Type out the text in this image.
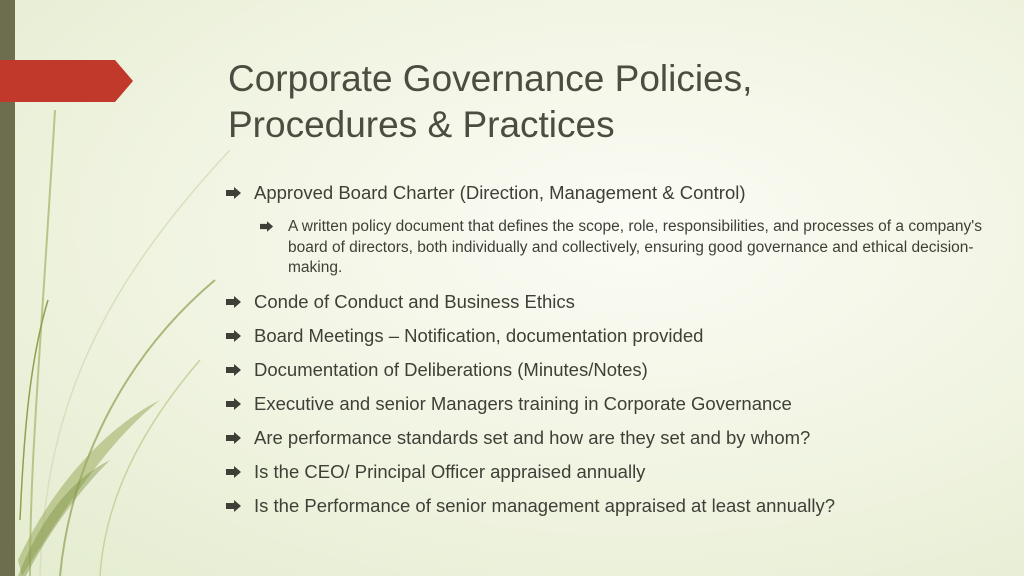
Corporate Governance Policies,
Procedures & Practices
Approved Board Charter (Direction, Management & Control)
A written policy document that defines the scope, role, responsibilities, and processes of a company's board of directors, both individually and collectively, ensuring good governance and ethical decision-making.
Conde of Conduct and Business Ethics
Board Meetings – Notification, documentation provided
Documentation of Deliberations (Minutes/Notes)
Executive and senior Managers training in Corporate Governance
Are performance standards set and how are they set and by whom?
Is the CEO/ Principal Officer appraised annually
Is the Performance of senior management appraised at least annually?
